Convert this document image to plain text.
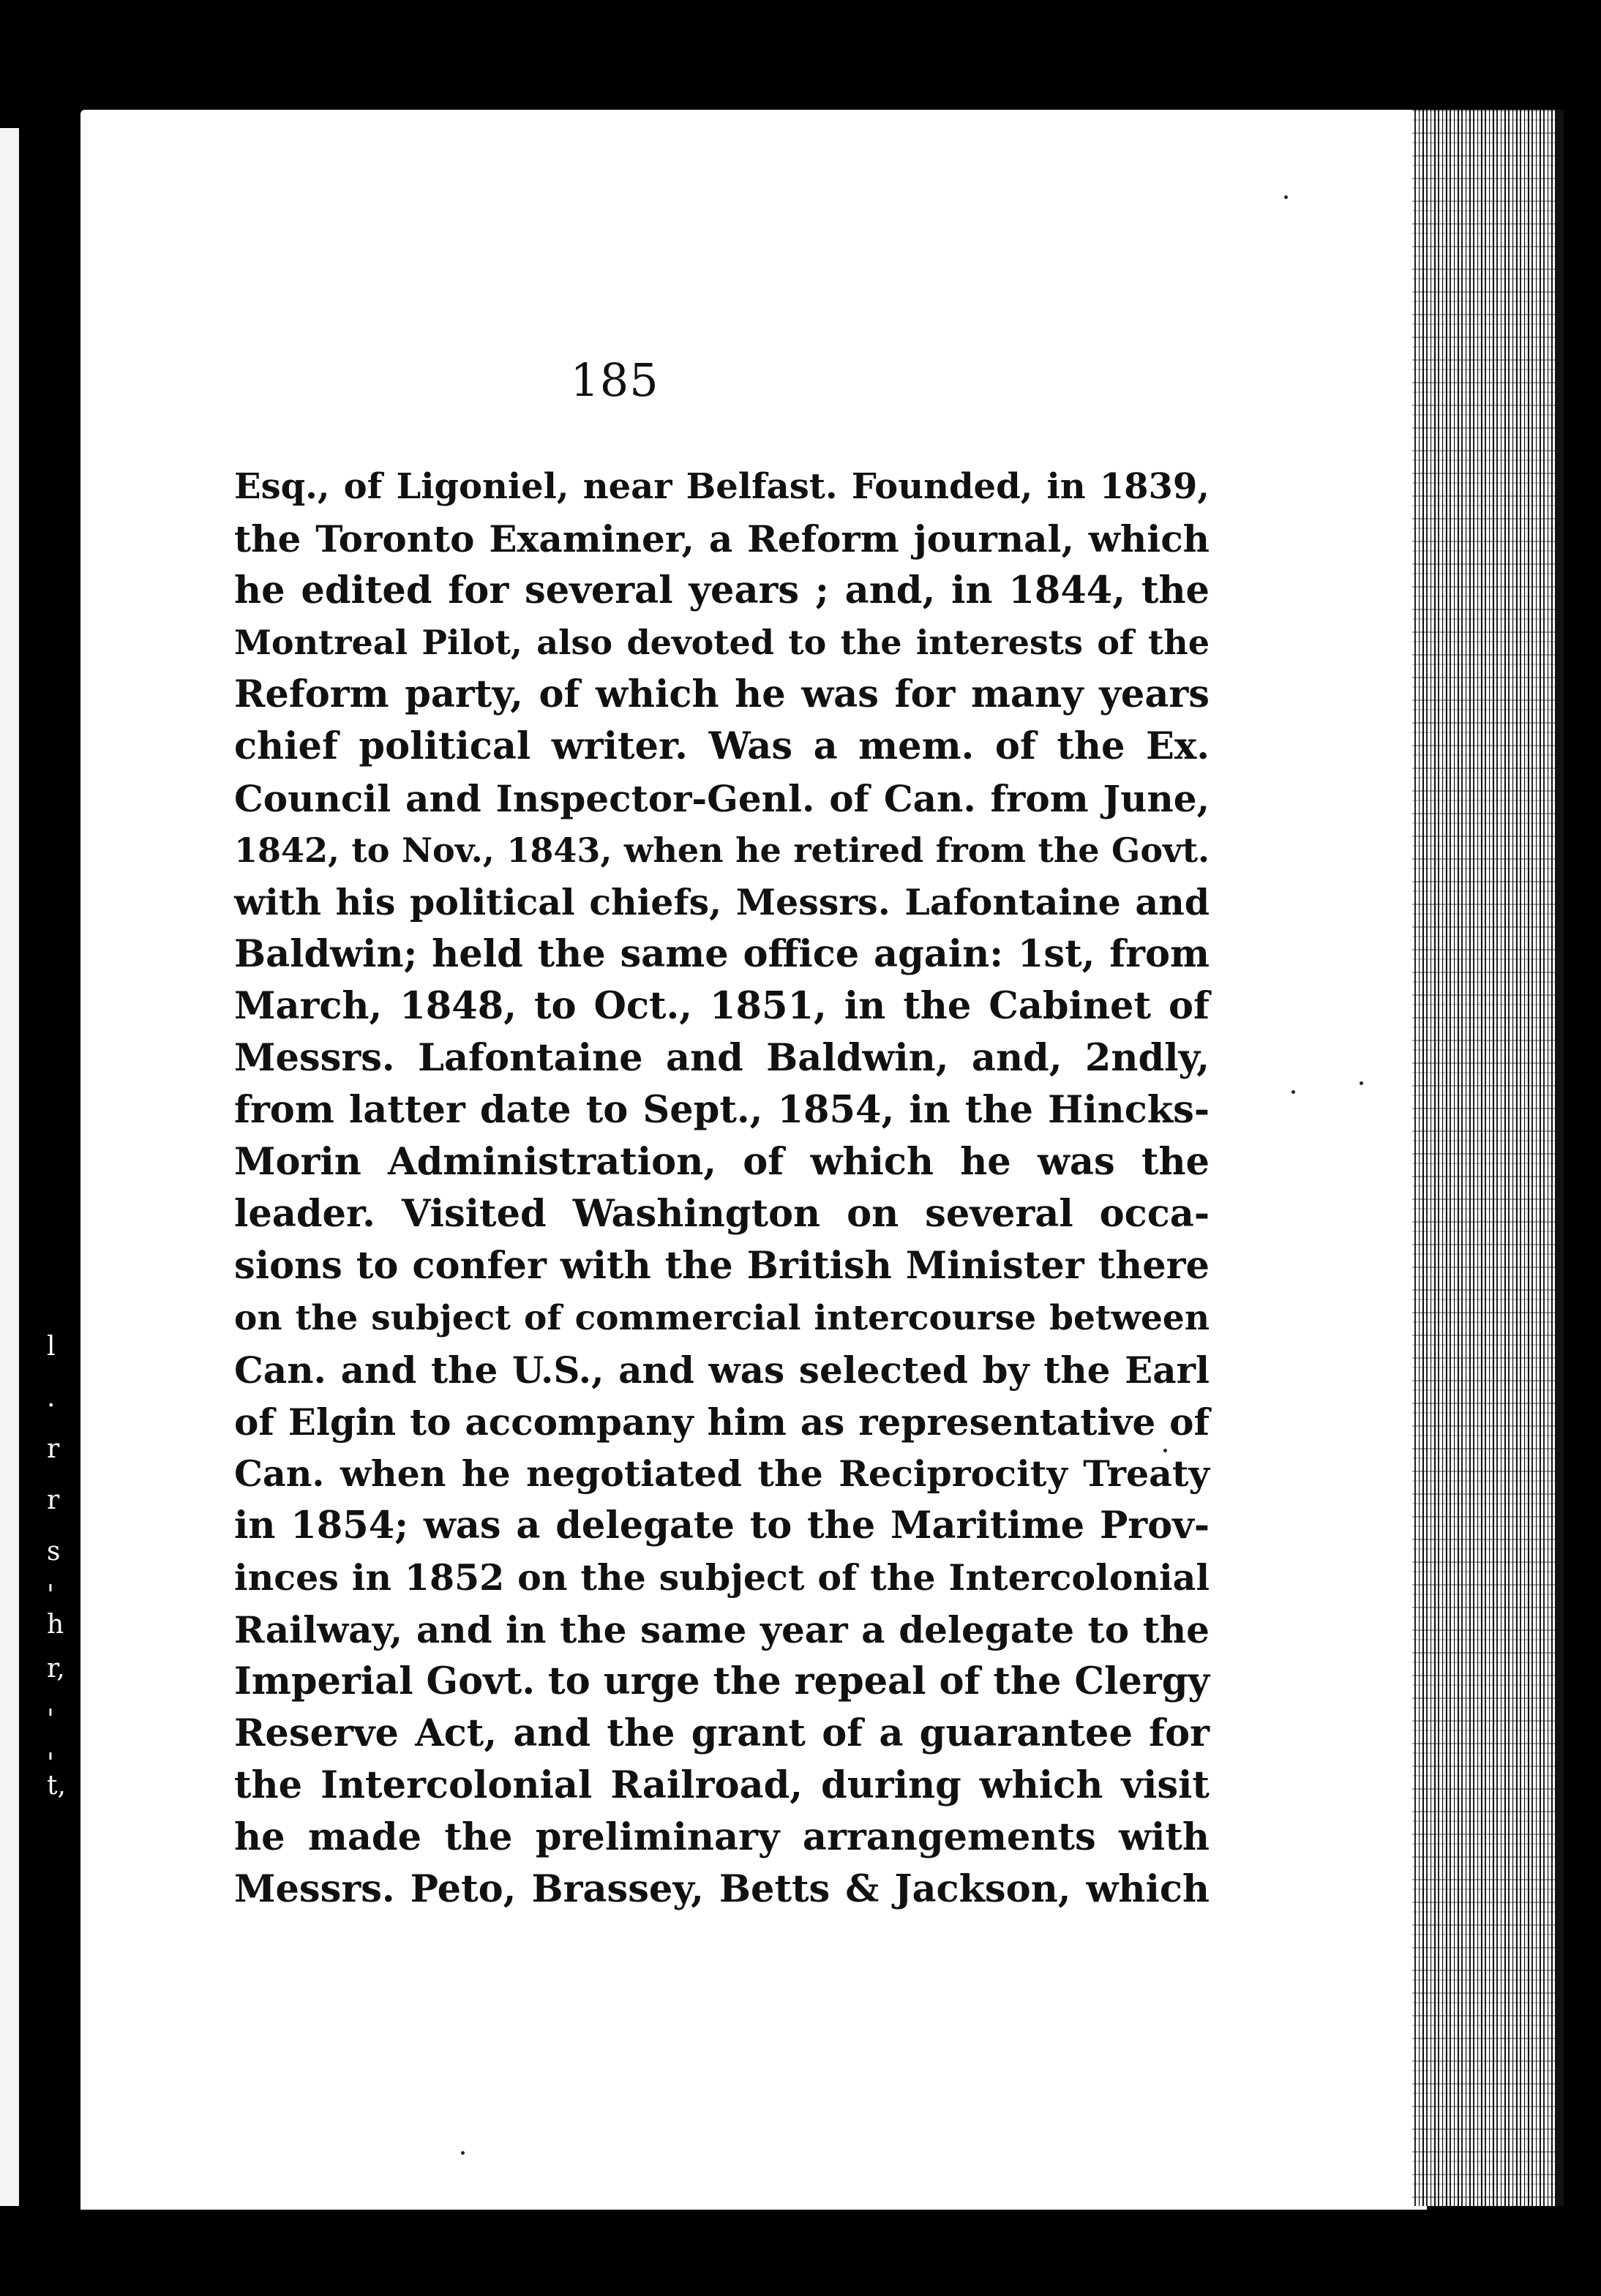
l
.
r
r
s
'
h
r,
'
'
t,
185
Esq., of Ligoniel, near Belfast. Founded, in 1839,
the Toronto Examiner, a Reform journal, which
he edited for several years ; and, in 1844, the
Montreal Pilot, also devoted to the interests of the
Reform party, of which he was for many years
chief political writer. Was a mem. of the Ex.
Council and Inspector-Genl. of Can. from June,
1842, to Nov., 1843, when he retired from the Govt.
with his political chiefs, Messrs. Lafontaine and
Baldwin; held the same office again: 1st, from
March, 1848, to Oct., 1851, in the Cabinet of
Messrs. Lafontaine and Baldwin, and, 2ndly,
from latter date to Sept., 1854, in the Hincks-
Morin Administration, of which he was the
leader. Visited Washington on several occa-
sions to confer with the British Minister there
on the subject of commercial intercourse between
Can. and the U.S., and was selected by the Earl
of Elgin to accompany him as representative of
Can. when he negotiated the Reciprocity Treaty
in 1854; was a delegate to the Maritime Prov-
inces in 1852 on the subject of the Intercolonial
Railway, and in the same year a delegate to the
Imperial Govt. to urge the repeal of the Clergy
Reserve Act, and the grant of a guarantee for
the Intercolonial Railroad, during which visit
he made the preliminary arrangements with
Messrs. Peto, Brassey, Betts & Jackson, which
